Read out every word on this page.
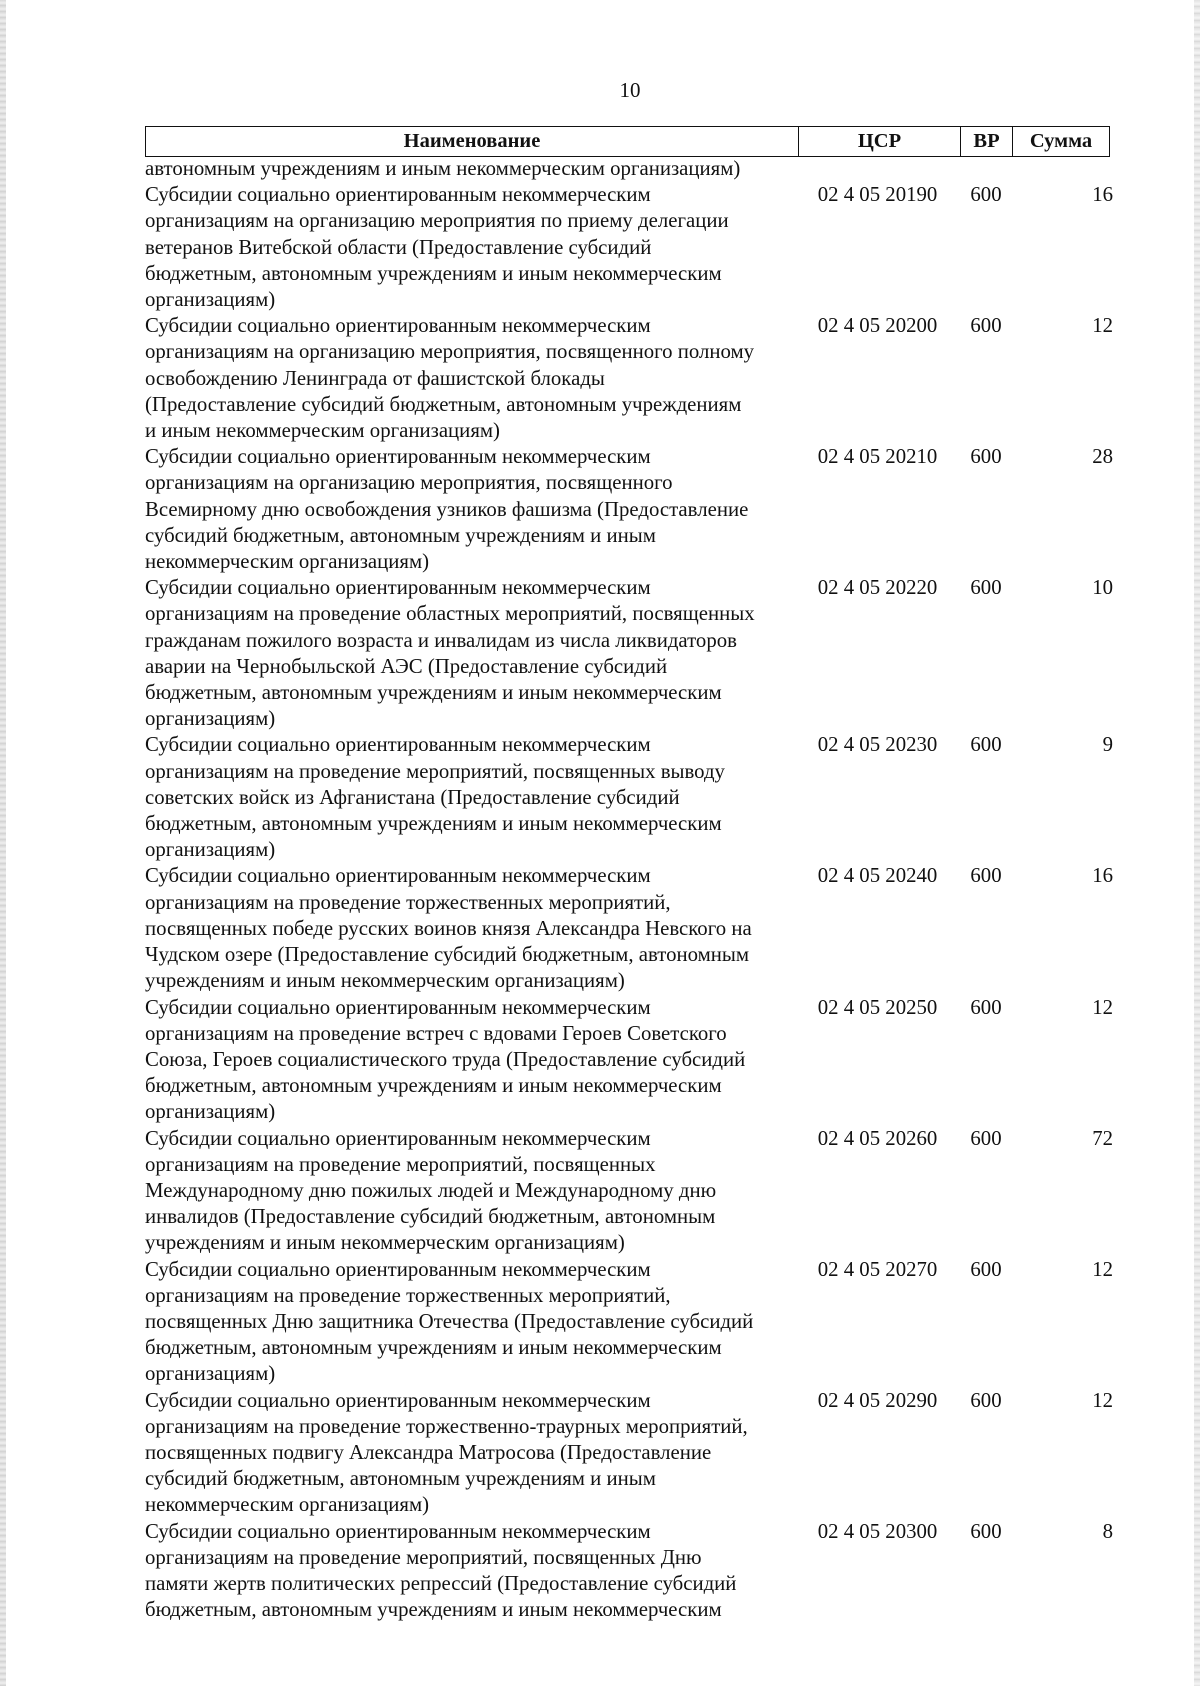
10
Наименование	ЦСР	ВР	Сумма
автономным учреждениям и иным некоммерческим организациям)
Субсидии социально ориентированным некоммерческим
организациям на организацию мероприятия по приему делегации
ветеранов Витебской области (Предоставление субсидий
бюджетным, автономным учреждениям и иным некоммерческим
организациям)
02 4 05 20190	600	16
Субсидии социально ориентированным некоммерческим
организациям на организацию мероприятия, посвященного полному
освобождению Ленинграда от фашистской блокады
(Предоставление субсидий бюджетным, автономным учреждениям
и иным некоммерческим организациям)
02 4 05 20200	600	12
Субсидии социально ориентированным некоммерческим
организациям на организацию мероприятия, посвященного
Всемирному дню освобождения узников фашизма (Предоставление
субсидий бюджетным, автономным учреждениям и иным
некоммерческим организациям)
02 4 05 20210	600	28
Субсидии социально ориентированным некоммерческим
организациям на проведение областных мероприятий, посвященных
гражданам пожилого возраста и инвалидам из числа ликвидаторов
аварии на Чернобыльской АЭС (Предоставление субсидий
бюджетным, автономным учреждениям и иным некоммерческим
организациям)
02 4 05 20220	600	10
Субсидии социально ориентированным некоммерческим
организациям на проведение мероприятий, посвященных выводу
советских войск из Афганистана (Предоставление субсидий
бюджетным, автономным учреждениям и иным некоммерческим
организациям)
02 4 05 20230	600	9
Субсидии социально ориентированным некоммерческим
организациям на проведение торжественных мероприятий,
посвященных победе русских воинов князя Александра Невского на
Чудском озере (Предоставление субсидий бюджетным, автономным
учреждениям и иным некоммерческим организациям)
02 4 05 20240	600	16
Субсидии социально ориентированным некоммерческим
организациям на проведение встреч с вдовами Героев Советского
Союза, Героев социалистического труда (Предоставление субсидий
бюджетным, автономным учреждениям и иным некоммерческим
организациям)
02 4 05 20250	600	12
Субсидии социально ориентированным некоммерческим
организациям на проведение мероприятий, посвященных
Международному дню пожилых людей и Международному дню
инвалидов (Предоставление субсидий бюджетным, автономным
учреждениям и иным некоммерческим организациям)
02 4 05 20260	600	72
Субсидии социально ориентированным некоммерческим
организациям на проведение торжественных мероприятий,
посвященных Дню защитника Отечества (Предоставление субсидий
бюджетным, автономным учреждениям и иным некоммерческим
организациям)
02 4 05 20270	600	12
Субсидии социально ориентированным некоммерческим
организациям на проведение торжественно-траурных мероприятий,
посвященных подвигу Александра Матросова (Предоставление
субсидий бюджетным, автономным учреждениям и иным
некоммерческим организациям)
02 4 05 20290	600	12
Субсидии социально ориентированным некоммерческим
организациям на проведение мероприятий, посвященных Дню
памяти жертв политических репрессий (Предоставление субсидий
бюджетным, автономным учреждениям и иным некоммерческим
02 4 05 20300	600	8
